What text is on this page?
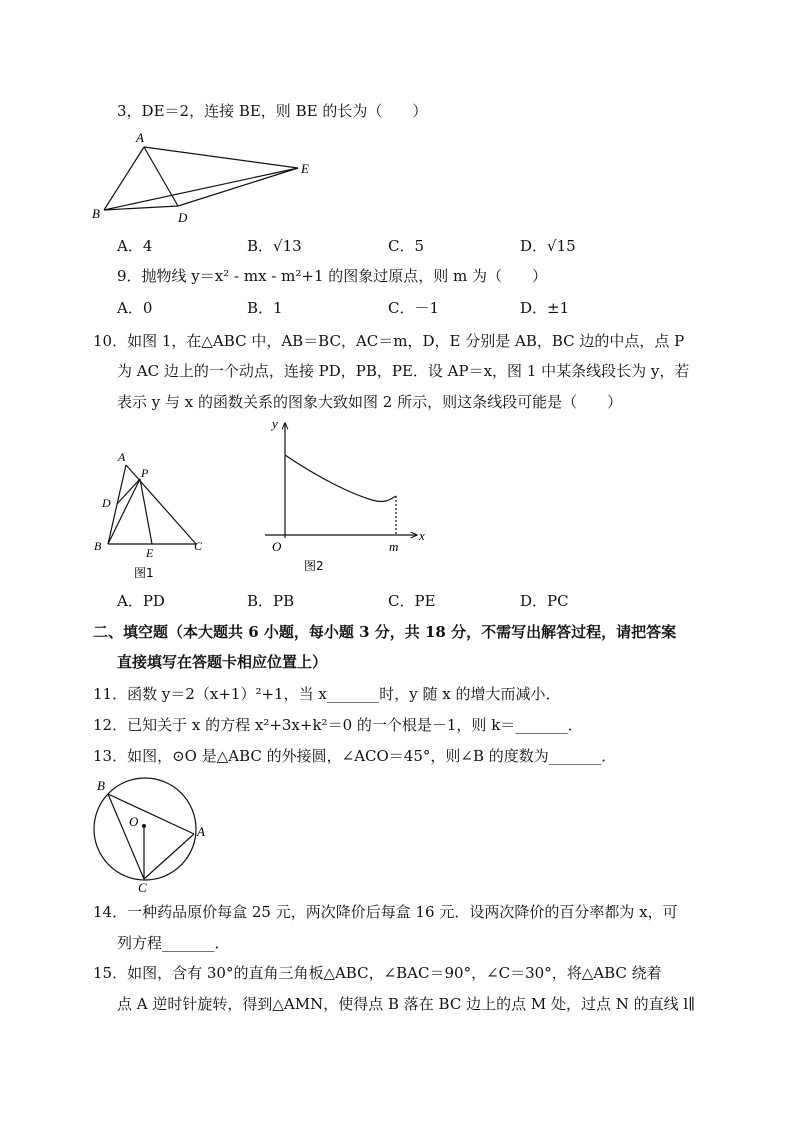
3，DE＝2，连接 BE，则 BE 的长为（　　）
A
B	D
E
A．4	B．√13	C．5	D．√15
9．抛物线 y＝x² - mx - m²+1 的图象过原点，则 m 为（　　）
A．0	B．1	C．－1	D．±1
10．如图 1，在△ABC 中，AB＝BC，AC＝m，D，E 分别是 AB，BC 边的中点，点 P
为 AC 边上的一个动点，连接 PD，PB，PE．设 AP＝x，图 1 中某条线段长为 y，若
表示 y 与 x 的函数关系的图象大致如图 2 所示，则这条线段可能是（　　）
A
P
D
B	E	C
图1
y
x
O	m
图2
A．PD	B．PB	C．PE	D．PC
二、填空题（本大题共 6 小题，每小题 3 分，共 18 分，不需写出解答过程，请把答案
直接填写在答题卡相应位置上）
11．函数 y＝2（x+1）²+1，当 x_______时，y 随 x 的增大而减小．
12．已知关于 x 的方程 x²+3x+k²＝0 的一个根是－1，则 k＝_______．
13．如图，⊙O 是△ABC 的外接圆，∠ACO＝45°，则∠B 的度数为_______．
B
O
A
C
14．一种药品原价每盒 25 元，两次降价后每盒 16 元．设两次降价的百分率都为 x，可
列方程_______．
15．如图，含有 30°的直角三角板△ABC，∠BAC＝90°，∠C＝30°，将△ABC 绕着
点 A 逆时针旋转，得到△AMN，使得点 B 落在 BC 边上的点 M 处，过点 N 的直线 l∥
